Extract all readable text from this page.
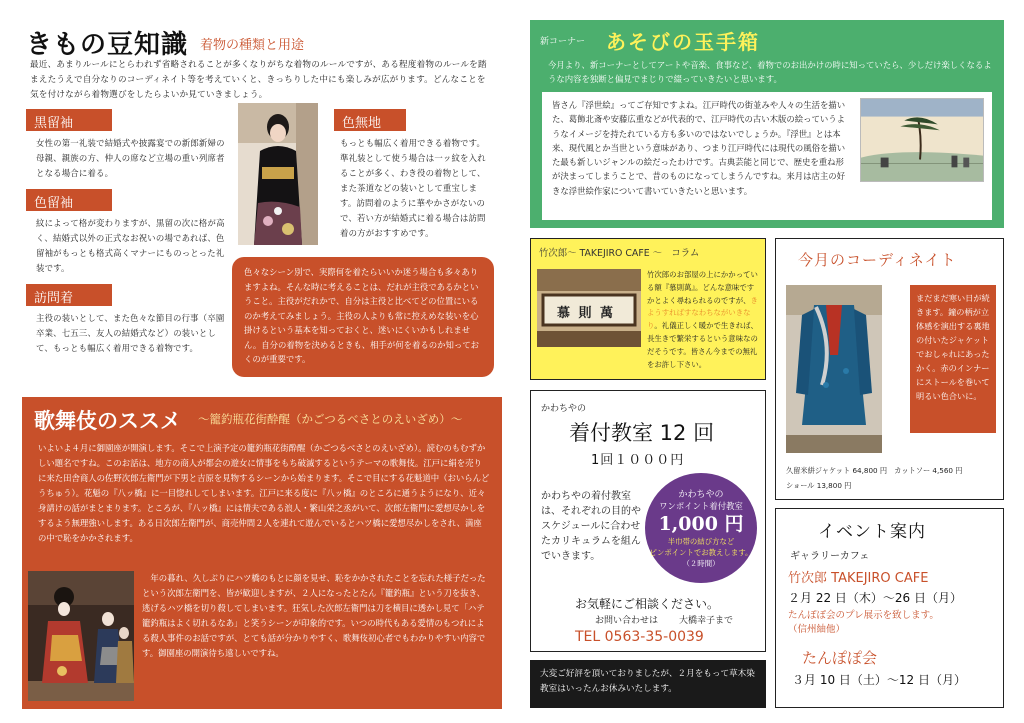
きもの豆知識 着物の種類と用途
最近、あまりルールにとらわれず省略されることが多くなりがちな着物のルールですが、ある程度着物のルールを踏まえたうえで自分なりのコーディネイト等を考えていくと、きっちりした中にも楽しみが広がります。どんなことを気を付けながら着物選びをしたらよいか見ていきましょう。
黒留袖
女性の第一礼装で結婚式や披露宴での新郎新婦の母親、親族の方、仲人の席など立場の重い列席者となる場合に着る。
色留袖
紋によって格が変わりますが、黒留の次に格が高く、結婚式以外の正式なお祝いの場であれば、色留袖がもっとも格式高くマナーにものっとった礼装です。
訪問着
主役の装いとして、また色々な節目の行事（卒園卒業、七五三、友人の結婚式など）の装いとして、もっとも幅広く着用できる着物です。
色無地
もっとも幅広く着用できる着物です。準礼装として使う場合は一ッ紋を入れることが多く、わき役の着物として、また茶道などの装いとして重宝します。訪問着のように華やかさがないので、若い方が結婚式に着る場合は訪問着の方がおすすめです。
色々なシーン別で、実際何を着たらいいか迷う場合も多々ありますよね。そんな時に考えることは、だれが主役であるかということ。主役がだれかで、自分は主役と比べてどの位置にいるのか考えてみましょう。主役の人よりも常に控えめな装いを心掛けるという基本を知っておくと、迷いにくいかもしれません。自分の着物を決めるときも、相手が何を着るのか知っておくのが重要です。
歌舞伎のススメ ～籠釣瓶花街酔醒（かごつるべさとのえいざめ）～
いよいよ４月に御園座が開演します。そこで上演予定の籠釣瓶花街酔醒（かごつるべさとのえいざめ）。読むのもむずかしい題名ですね。このお話は、地方の商人が都会の遊女に情事をもち破滅するというテーマの歌舞伎。江戸に絹を売りに来た田舎商人の佐野次郎左衛門が下男と吉原を見物するシーンから始まります。そこで目にする花魁道中（おいらんどうちゅう）。花魁の『八ッ橋』に一目惚れしてしまいます。江戸に来る度に『八ッ橋』のところに通うようになり、近々身請けの話がまとまります。ところが、『八ッ橋』には情夫である浪人・繁山栄之丞がいて、次郎左衛門に愛想尽かしをするよう無理強いします。ある日次郎左衛門が、商売仲間２人を連れて遊んでいるとハツ橋に愛想尽かしをされ、満座の中で恥をかかされます。
年の暮れ、久しぶりにハツ橋のもとに顔を見せ、恥をかかされたことを忘れた様子だったという次郎左衛門を、皆が歓迎しますが、２人になったとたん『籠釣瓶』という刀を抜き、逃げるハツ橋を切り殺してしまいます。狂気した次郎左衛門は刀を横目に透かし見て「ハテ籠釣瓶はよく切れるなあ」と笑うシーンが印象的です。いつの時代もある愛情のもつれによる殺人事件のお話ですが、とても話が分かりやすく、歌舞伎初心者でもわかりやすい内容です。御園座の開演待ち遠しいですね。
新コーナー あそびの玉手箱
今月より、新コーナーとしてアートや音楽、食事など、着物でのお出かけの時に知っていたら、少しだけ楽しくなるような内容を独断と偏見でまじりで綴っていきたいと思います。
皆さん『浮世絵』ってご存知ですよね。江戸時代の街並みや人々の生活を描いた、葛飾北斎や安藤広重などが代表的で、江戸時代の古い木版の絵っていうようなイメージを持たれている方も多いのではないでしょうか。『浮世』とは本来、現代風とか当世という意味があり、つまり江戸時代には現代の風俗を描いた最も新しいジャンルの絵だったわけです。古典芸能と同じで、歴史を重ね形が決まってしまうことで、昔のものになってしまうんですね。来月は店主の好きな浮世絵作家について書いていきたいと思います。
竹次郎～ TAKEJIRO CAFE ～　コラム
慕 則 萬
竹次郎のお部屋の上にかかっている額『慕則萬』。どんな意味ですかとよく尋ねられるのですが、きようすればすなわちながいきなり。礼儀正しく暖かで生きれば、長生きで繁栄するという意味なのだそうです。皆さん今までの無礼をお許し下さい。
今月のコーディネイト
まだまだ寒い日が続きます。鐘の柄が立体感を演出する裏地の付いたジャケットでおしゃれにあったかく。赤のインナーにストールを巻いて明るい色合いに。
久留米絣ジャケット 64,800 円　カットソー 4,560 円
ショール 13,800 円
かわちやの
着付教室 12 回
1回１０００円
かわちやの着付教室は、それぞれの目的やスケジュールに合わせたカリキュラムを組んでいきます。
かわちやの
ワンポイント着付教室
1,000 円
半巾帯の結び方など
ピンポイントでお教えします。
（２時間）
お気軽にご相談ください。
お問い合わせは 大橋幸子まで
TEL 0563-35-0039
大変ご好評を頂いておりましたが、２月をもって草木染教室はいったんお休みいたします。
イベント案内
ギャラリーカフェ
竹次郎 TAKEJIRO CAFE
２月 22 日（木）～26 日（月）
たんぽぽ会のプレ展示を致します。
（信州紬他）
たんぽぽ会
３月 10 日（土）～12 日（月）
